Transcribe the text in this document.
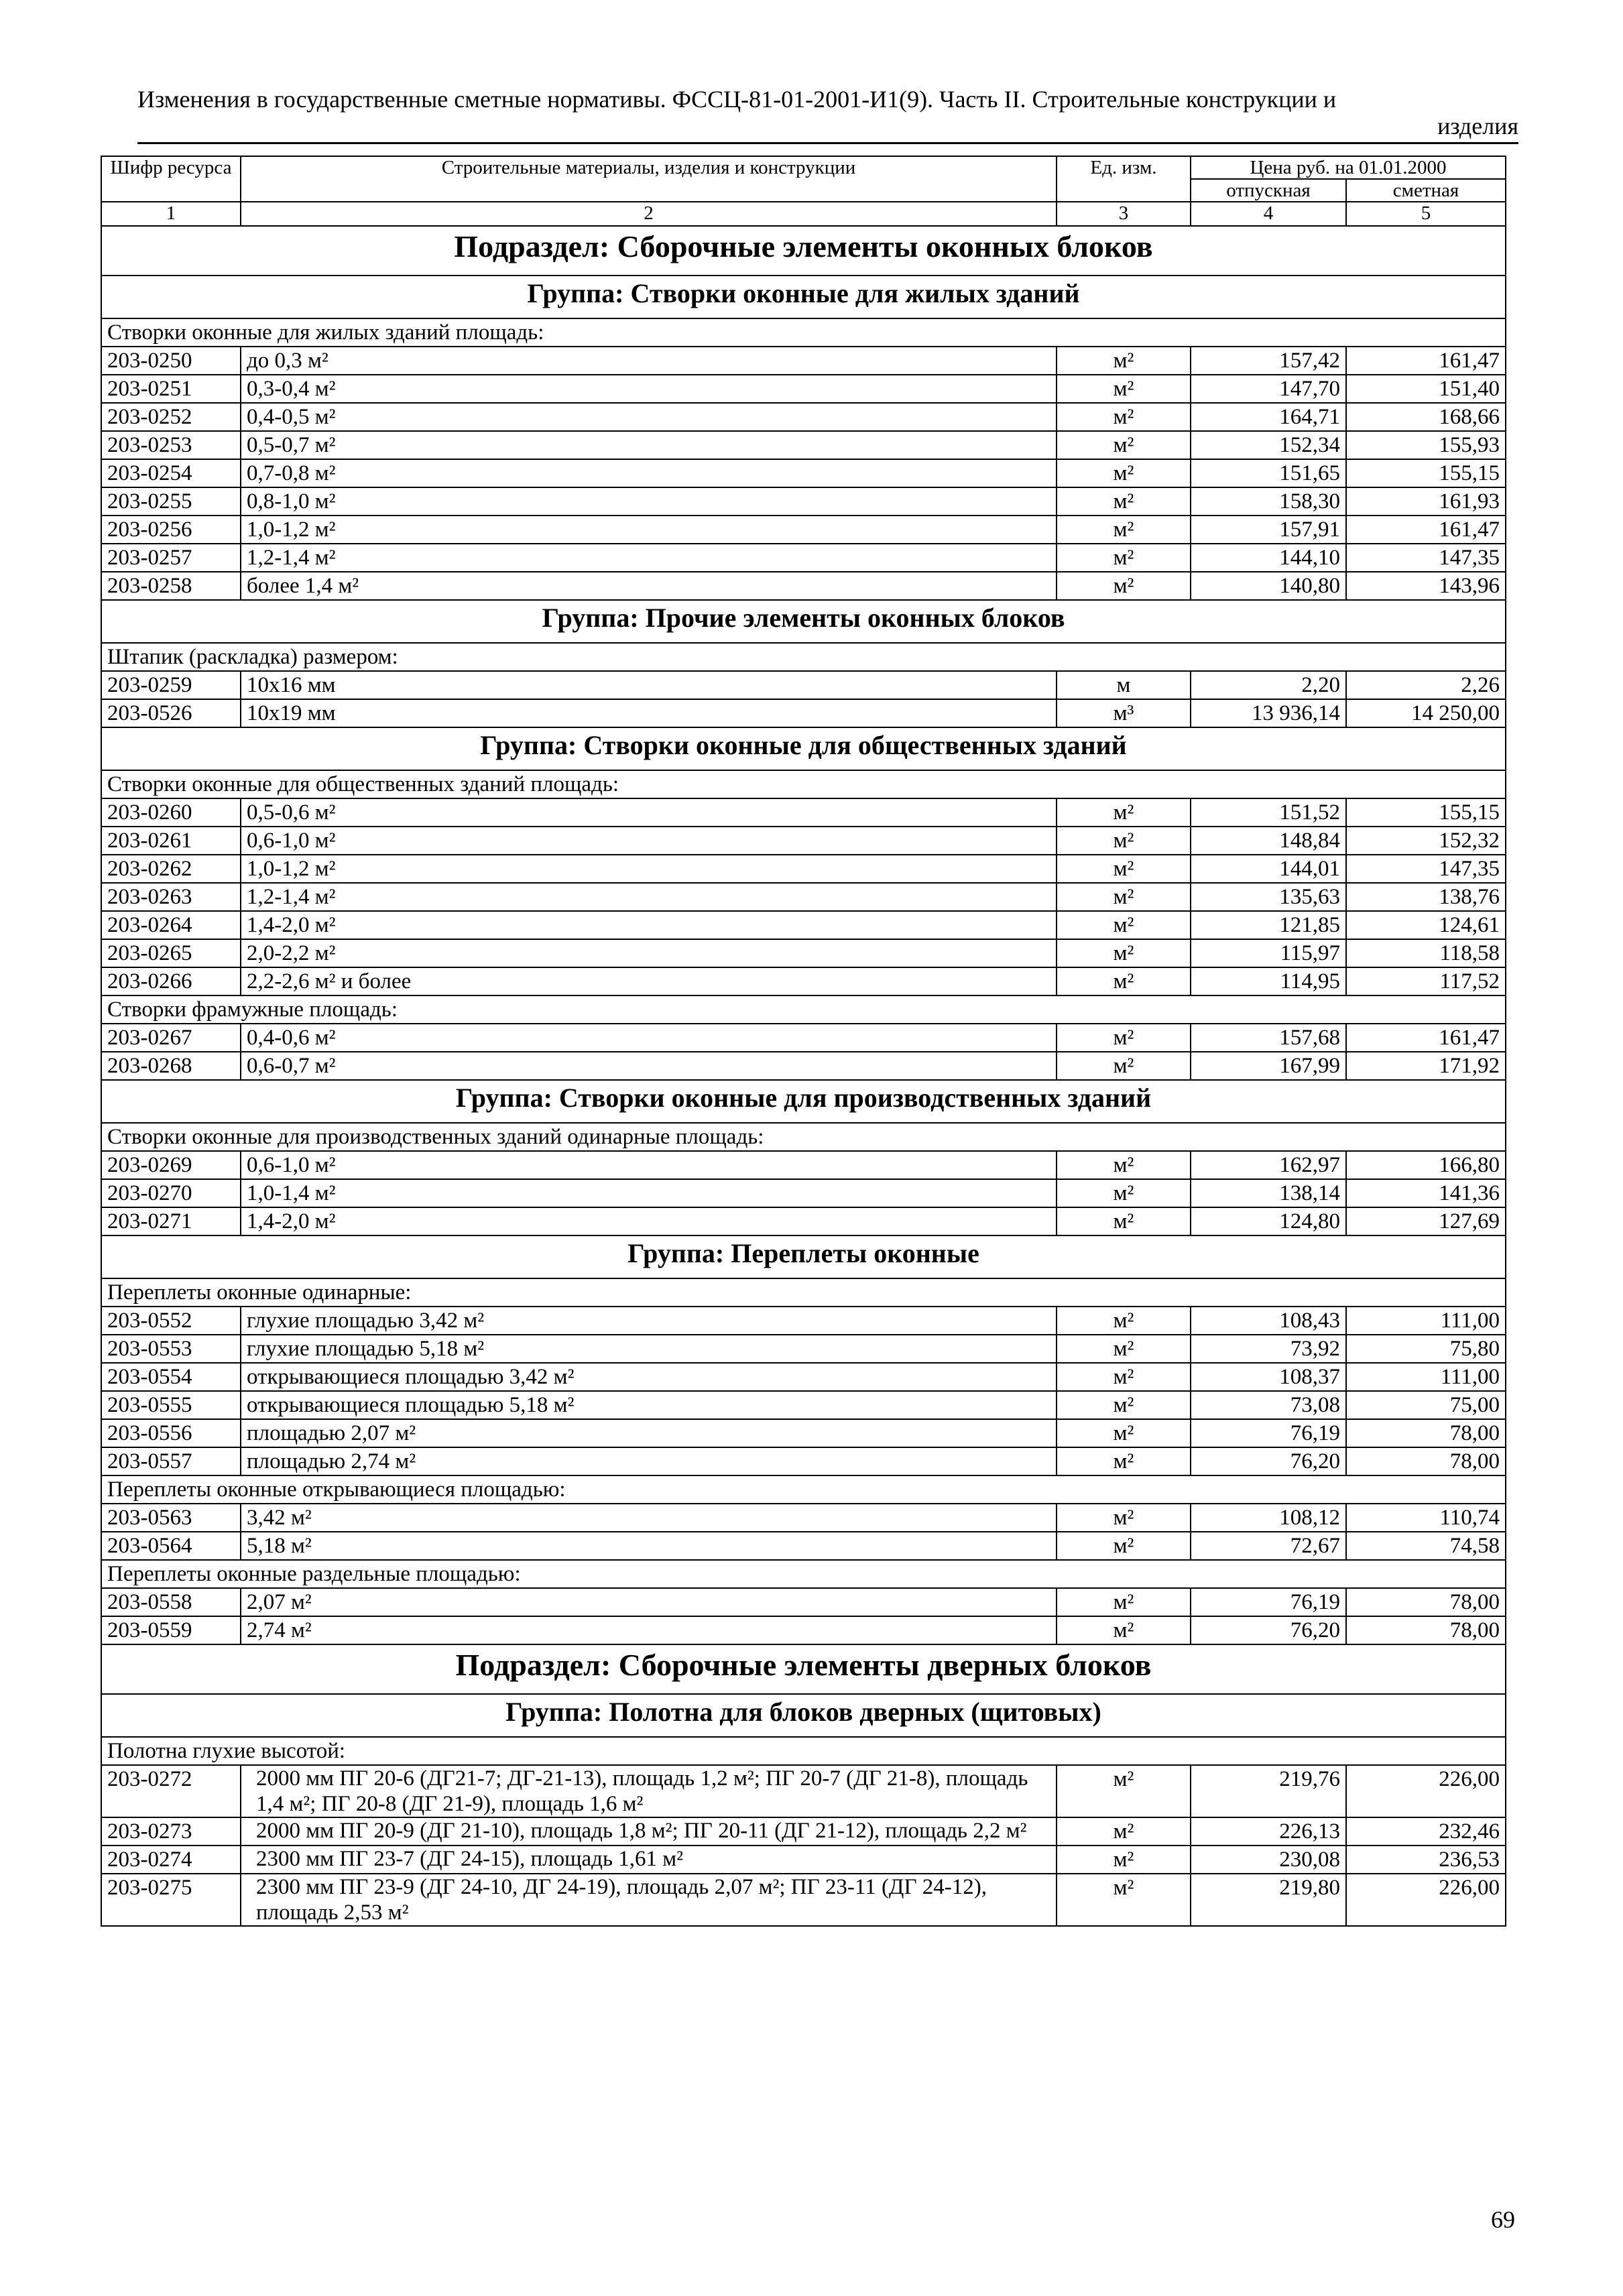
Изменения в государственные сметные нормативы. ФССЦ-81-01-2001-И1(9). Часть II. Строительные конструкции и
изделия
Шифр ресурса	Строительные материалы, изделия и конструкции	Ед. изм.	Цена руб. на 01.01.2000	
			отпускная	сметная
1	2	3	4	5
Подраздел: Сборочные элементы оконных блоков				
Группа: Створки оконные для жилых зданий				
Створки оконные для жилых зданий площадь:				
203-0250	до 0,3 м²	м²	157,42	161,47
203-0251	0,3-0,4 м²	м²	147,70	151,40
203-0252	0,4-0,5 м²	м²	164,71	168,66
203-0253	0,5-0,7 м²	м²	152,34	155,93
203-0254	0,7-0,8 м²	м²	151,65	155,15
203-0255	0,8-1,0 м²	м²	158,30	161,93
203-0256	1,0-1,2 м²	м²	157,91	161,47
203-0257	1,2-1,4 м²	м²	144,10	147,35
203-0258	более 1,4 м²	м²	140,80	143,96
Группа: Прочие элементы оконных блоков				
Штапик (раскладка) размером:				
203-0259	10х16 мм	м	2,20	2,26
203-0526	10х19 мм	м³	13 936,14	14 250,00
Группа: Створки оконные для общественных зданий				
Створки оконные для общественных зданий площадь:				
203-0260	0,5-0,6 м²	м²	151,52	155,15
203-0261	0,6-1,0 м²	м²	148,84	152,32
203-0262	1,0-1,2 м²	м²	144,01	147,35
203-0263	1,2-1,4 м²	м²	135,63	138,76
203-0264	1,4-2,0 м²	м²	121,85	124,61
203-0265	2,0-2,2 м²	м²	115,97	118,58
203-0266	2,2-2,6 м² и более	м²	114,95	117,52
Створки фрамужные площадь:				
203-0267	0,4-0,6 м²	м²	157,68	161,47
203-0268	0,6-0,7 м²	м²	167,99	171,92
Группа: Створки оконные для производственных зданий				
Створки оконные для производственных зданий одинарные площадь:				
203-0269	0,6-1,0 м²	м²	162,97	166,80
203-0270	1,0-1,4 м²	м²	138,14	141,36
203-0271	1,4-2,0 м²	м²	124,80	127,69
Группа: Переплеты оконные				
Переплеты оконные одинарные:				
203-0552	глухие площадью 3,42 м²	м²	108,43	111,00
203-0553	глухие площадью 5,18 м²	м²	73,92	75,80
203-0554	открывающиеся площадью 3,42 м²	м²	108,37	111,00
203-0555	открывающиеся площадью 5,18 м²	м²	73,08	75,00
203-0556	площадью 2,07 м²	м²	76,19	78,00
203-0557	площадью 2,74 м²	м²	76,20	78,00
Переплеты оконные открывающиеся площадью:				
203-0563	3,42 м²	м²	108,12	110,74
203-0564	5,18 м²	м²	72,67	74,58
Переплеты оконные раздельные площадью:				
203-0558	2,07 м²	м²	76,19	78,00
203-0559	2,74 м²	м²	76,20	78,00
Подраздел: Сборочные элементы дверных блоков				
Группа: Полотна для блоков дверных (щитовых)				
Полотна глухие высотой:				
203-0272	2000 мм ПГ 20-6 (ДГ21-7; ДГ-21-13), площадь 1,2 м²; ПГ 20-7 (ДГ 21-8), площадь 1,4 м²; ПГ 20-8 (ДГ 21-9), площадь 1,6 м²	м²	219,76	226,00
203-0273	2000 мм ПГ 20-9 (ДГ 21-10), площадь 1,8 м²; ПГ 20-11 (ДГ 21-12), площадь 2,2 м²	м²	226,13	232,46
203-0274	2300 мм ПГ 23-7 (ДГ 24-15), площадь 1,61 м²	м²	230,08	236,53
203-0275	2300 мм ПГ 23-9 (ДГ 24-10, ДГ 24-19), площадь 2,07 м²; ПГ 23-11 (ДГ 24-12), площадь 2,53 м²	м²	219,80	226,00
69
